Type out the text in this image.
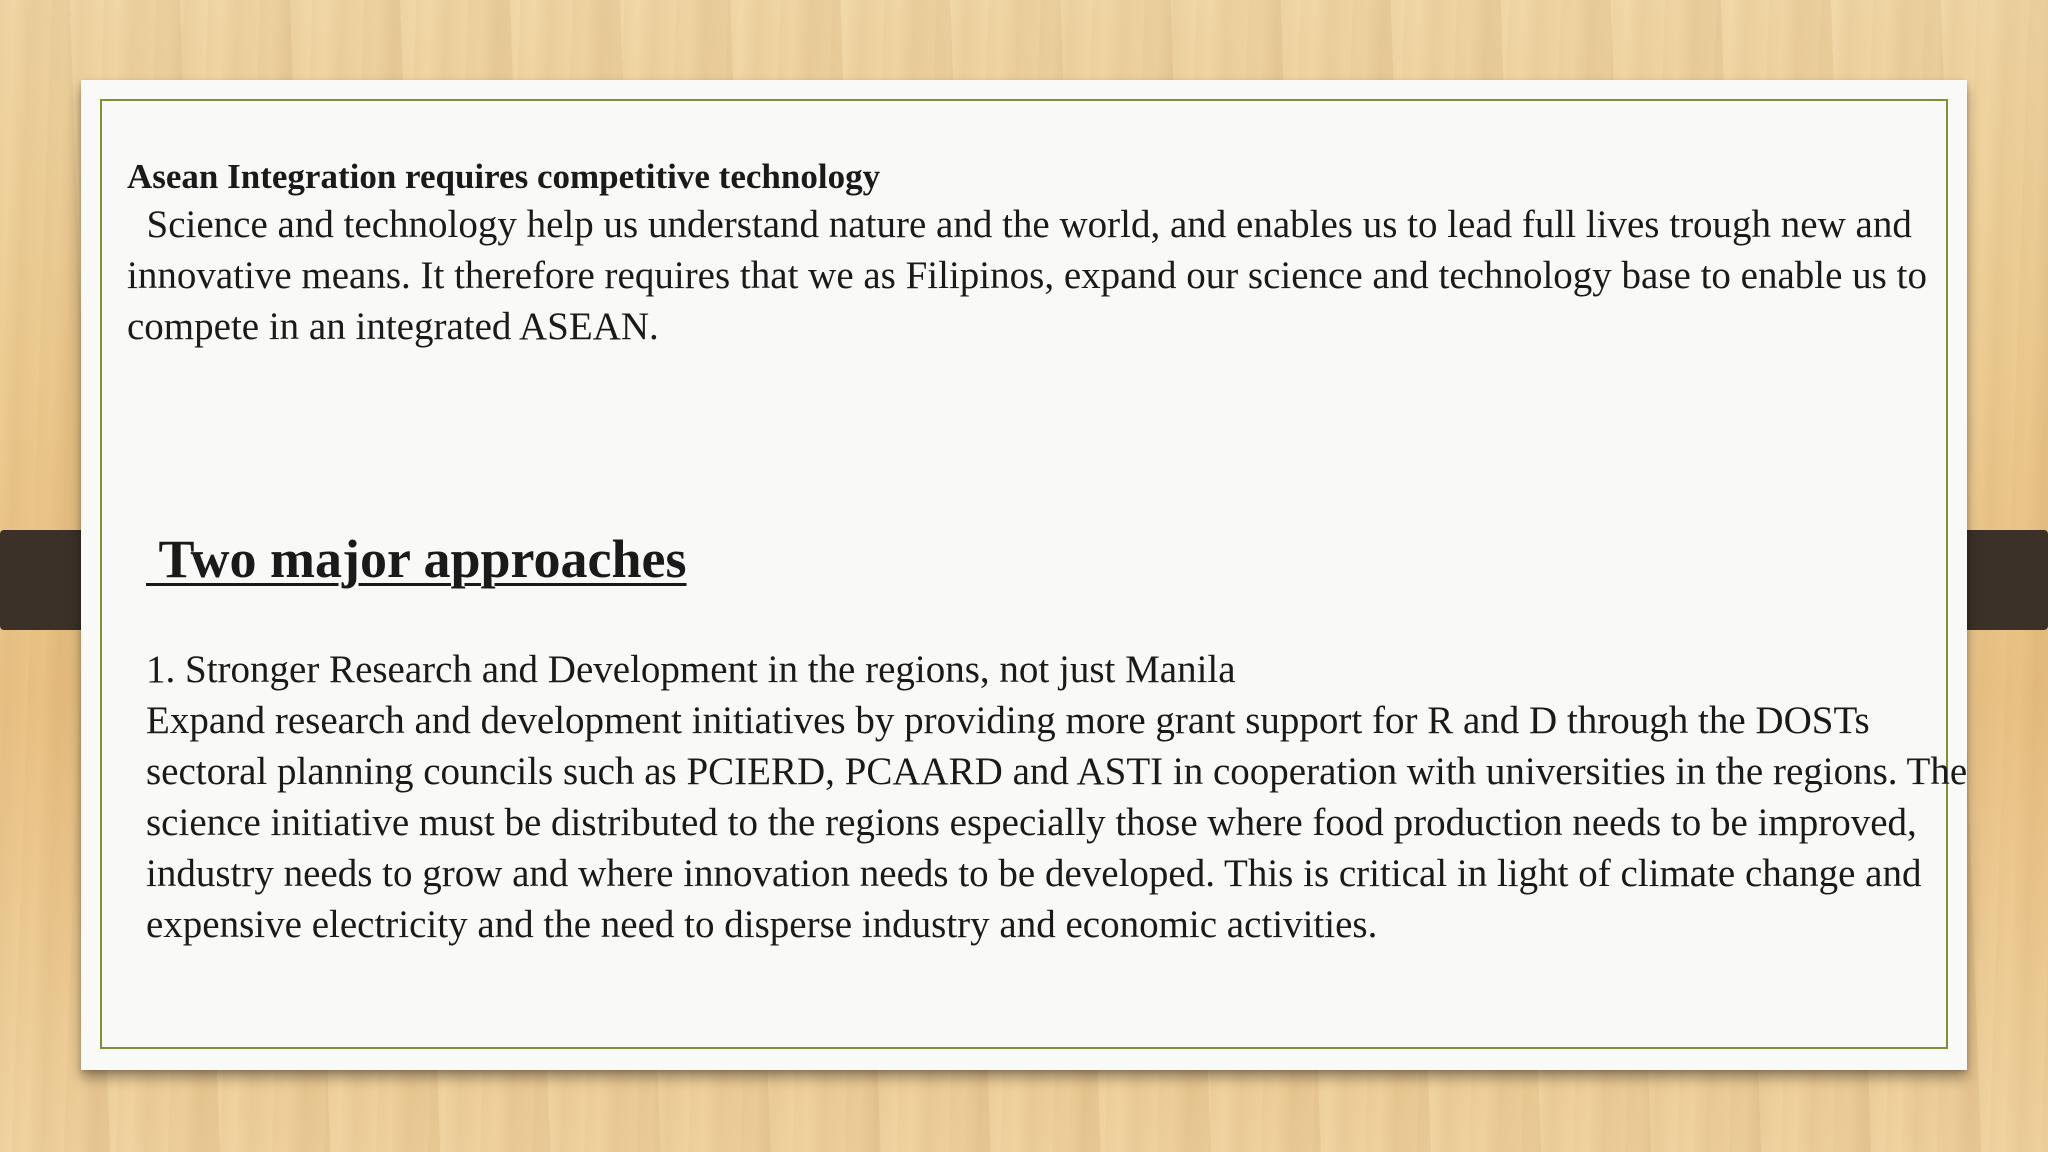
Asean Integration requires competitive technology

Science and technology help us understand nature and the world, and enables us to lead full lives trough new and innovative means. It therefore requires that we as Filipinos, expand our science and technology base to enable us to compete in an integrated ASEAN.

Two major approaches

1. Stronger Research and Development in the regions, not just Manila

Expand research and development initiatives by providing more grant support for R and D through the DOSTs sectoral planning councils such as PCIERD, PCAARD and ASTI in cooperation with universities in the regions. The science initiative must be distributed to the regions especially those where food production needs to be improved, industry needs to grow and where innovation needs to be developed. This is critical in light of climate change and expensive electricity and the need to disperse industry and economic activities.
